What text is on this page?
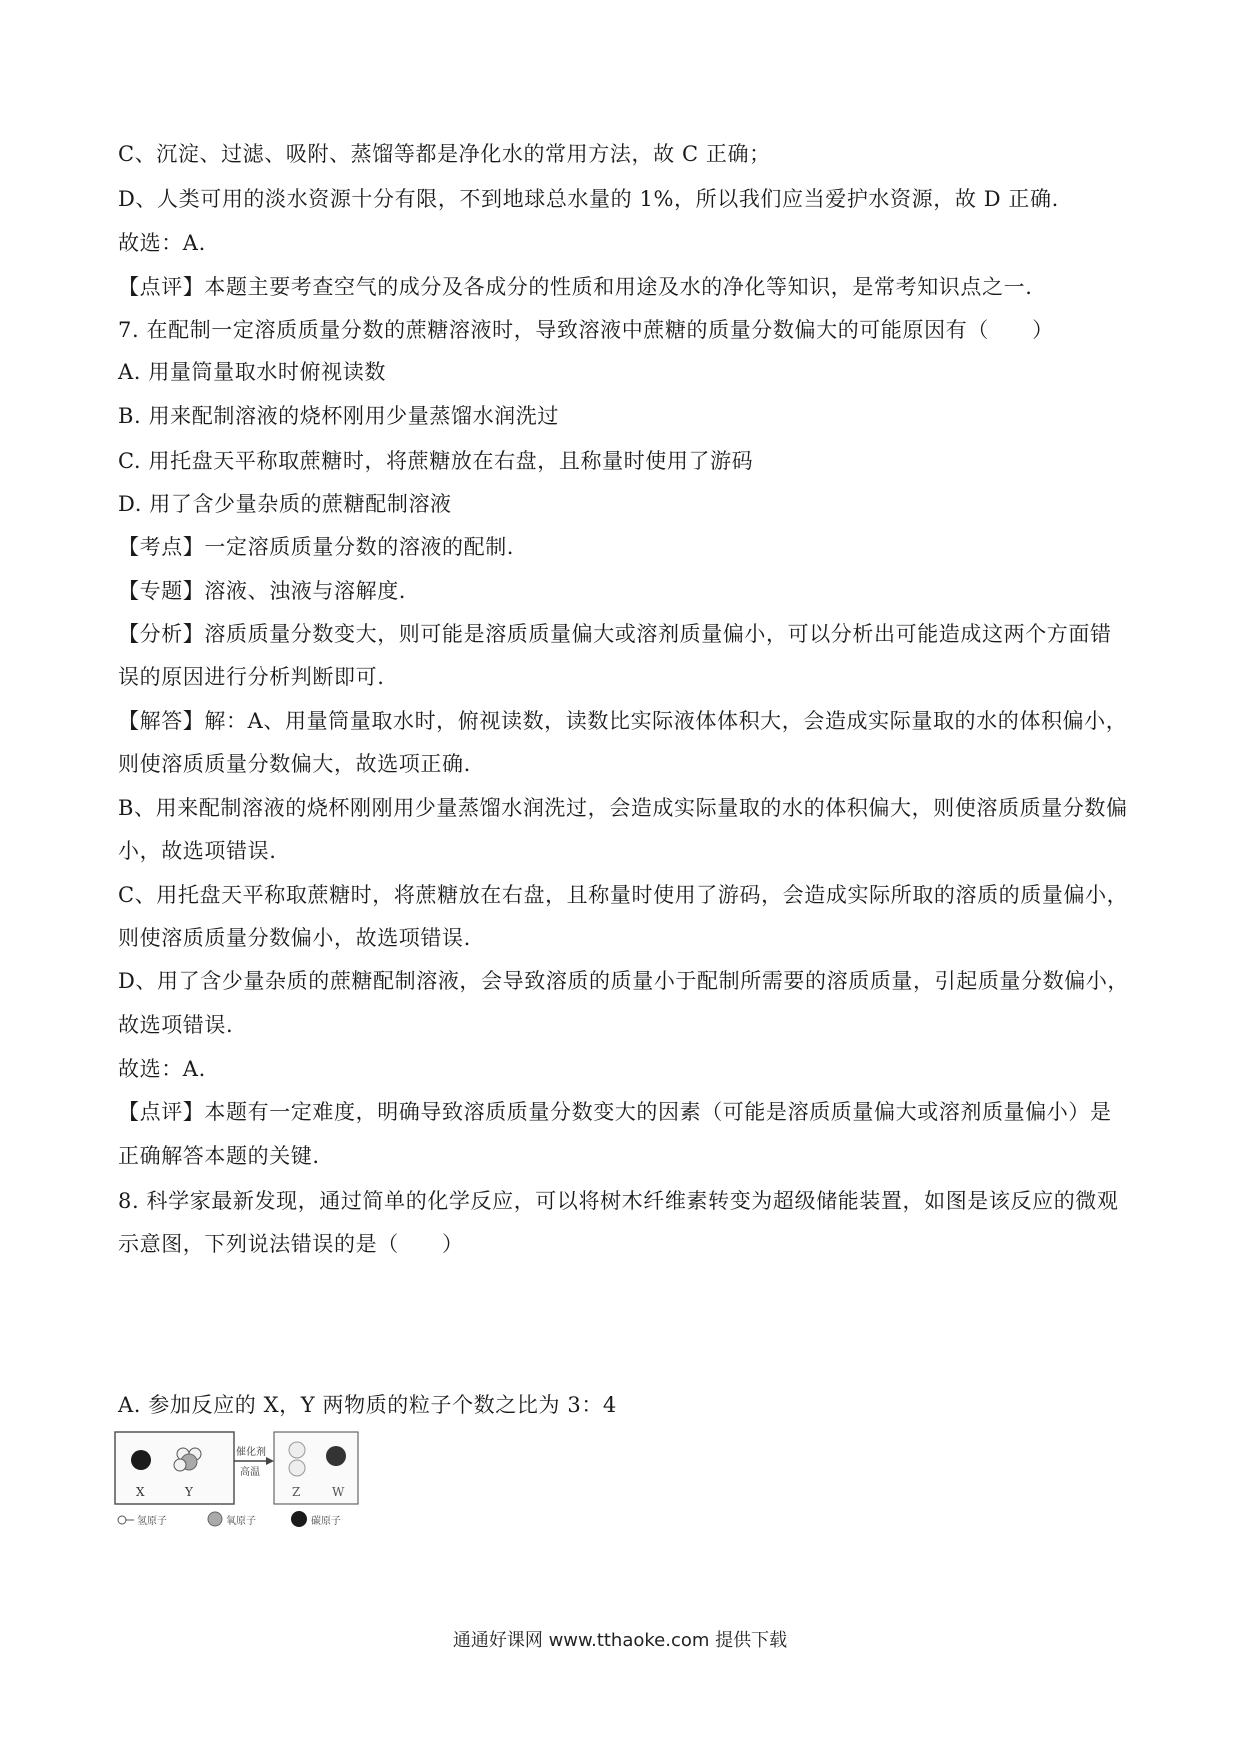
C、沉淀、过滤、吸附、蒸馏等都是净化水的常用方法，故 C 正确；
D、人类可用的淡水资源十分有限，不到地球总水量的 1%，所以我们应当爱护水资源，故 D 正确.
故选：A.
【点评】本题主要考查空气的成分及各成分的性质和用途及水的净化等知识，是常考知识点之一.
7. 在配制一定溶质质量分数的蔗糖溶液时，导致溶液中蔗糖的质量分数偏大的可能原因有（　　）
A. 用量筒量取水时俯视读数
B. 用来配制溶液的烧杯刚用少量蒸馏水润洗过
C. 用托盘天平称取蔗糖时，将蔗糖放在右盘，且称量时使用了游码
D. 用了含少量杂质的蔗糖配制溶液
【考点】一定溶质质量分数的溶液的配制.
【专题】溶液、浊液与溶解度.
【分析】溶质质量分数变大，则可能是溶质质量偏大或溶剂质量偏小，可以分析出可能造成这两个方面错
误的原因进行分析判断即可.
【解答】解：A、用量筒量取水时，俯视读数，读数比实际液体体积大，会造成实际量取的水的体积偏小，
则使溶质质量分数偏大，故选项正确.
B、用来配制溶液的烧杯刚刚用少量蒸馏水润洗过，会造成实际量取的水的体积偏大，则使溶质质量分数偏
小，故选项错误.
C、用托盘天平称取蔗糖时，将蔗糖放在右盘，且称量时使用了游码，会造成实际所取的溶质的质量偏小，
则使溶质质量分数偏小，故选项错误.
D、用了含少量杂质的蔗糖配制溶液，会导致溶质的质量小于配制所需要的溶质质量，引起质量分数偏小，
故选项错误.
故选：A.
【点评】本题有一定难度，明确导致溶质质量分数变大的因素（可能是溶质质量偏大或溶剂质量偏小）是
正确解答本题的关键.
8. 科学家最新发现，通过简单的化学反应，可以将树木纤维素转变为超级储能装置，如图是该反应的微观
示意图，下列说法错误的是（　　）
X	Y
催化剂
高温
Z	W
氢原子	氧原子	碳原子
A. 参加反应的 X，Y 两物质的粒子个数之比为 3：4
通通好课网 www.tthaoke.com 提供下载
